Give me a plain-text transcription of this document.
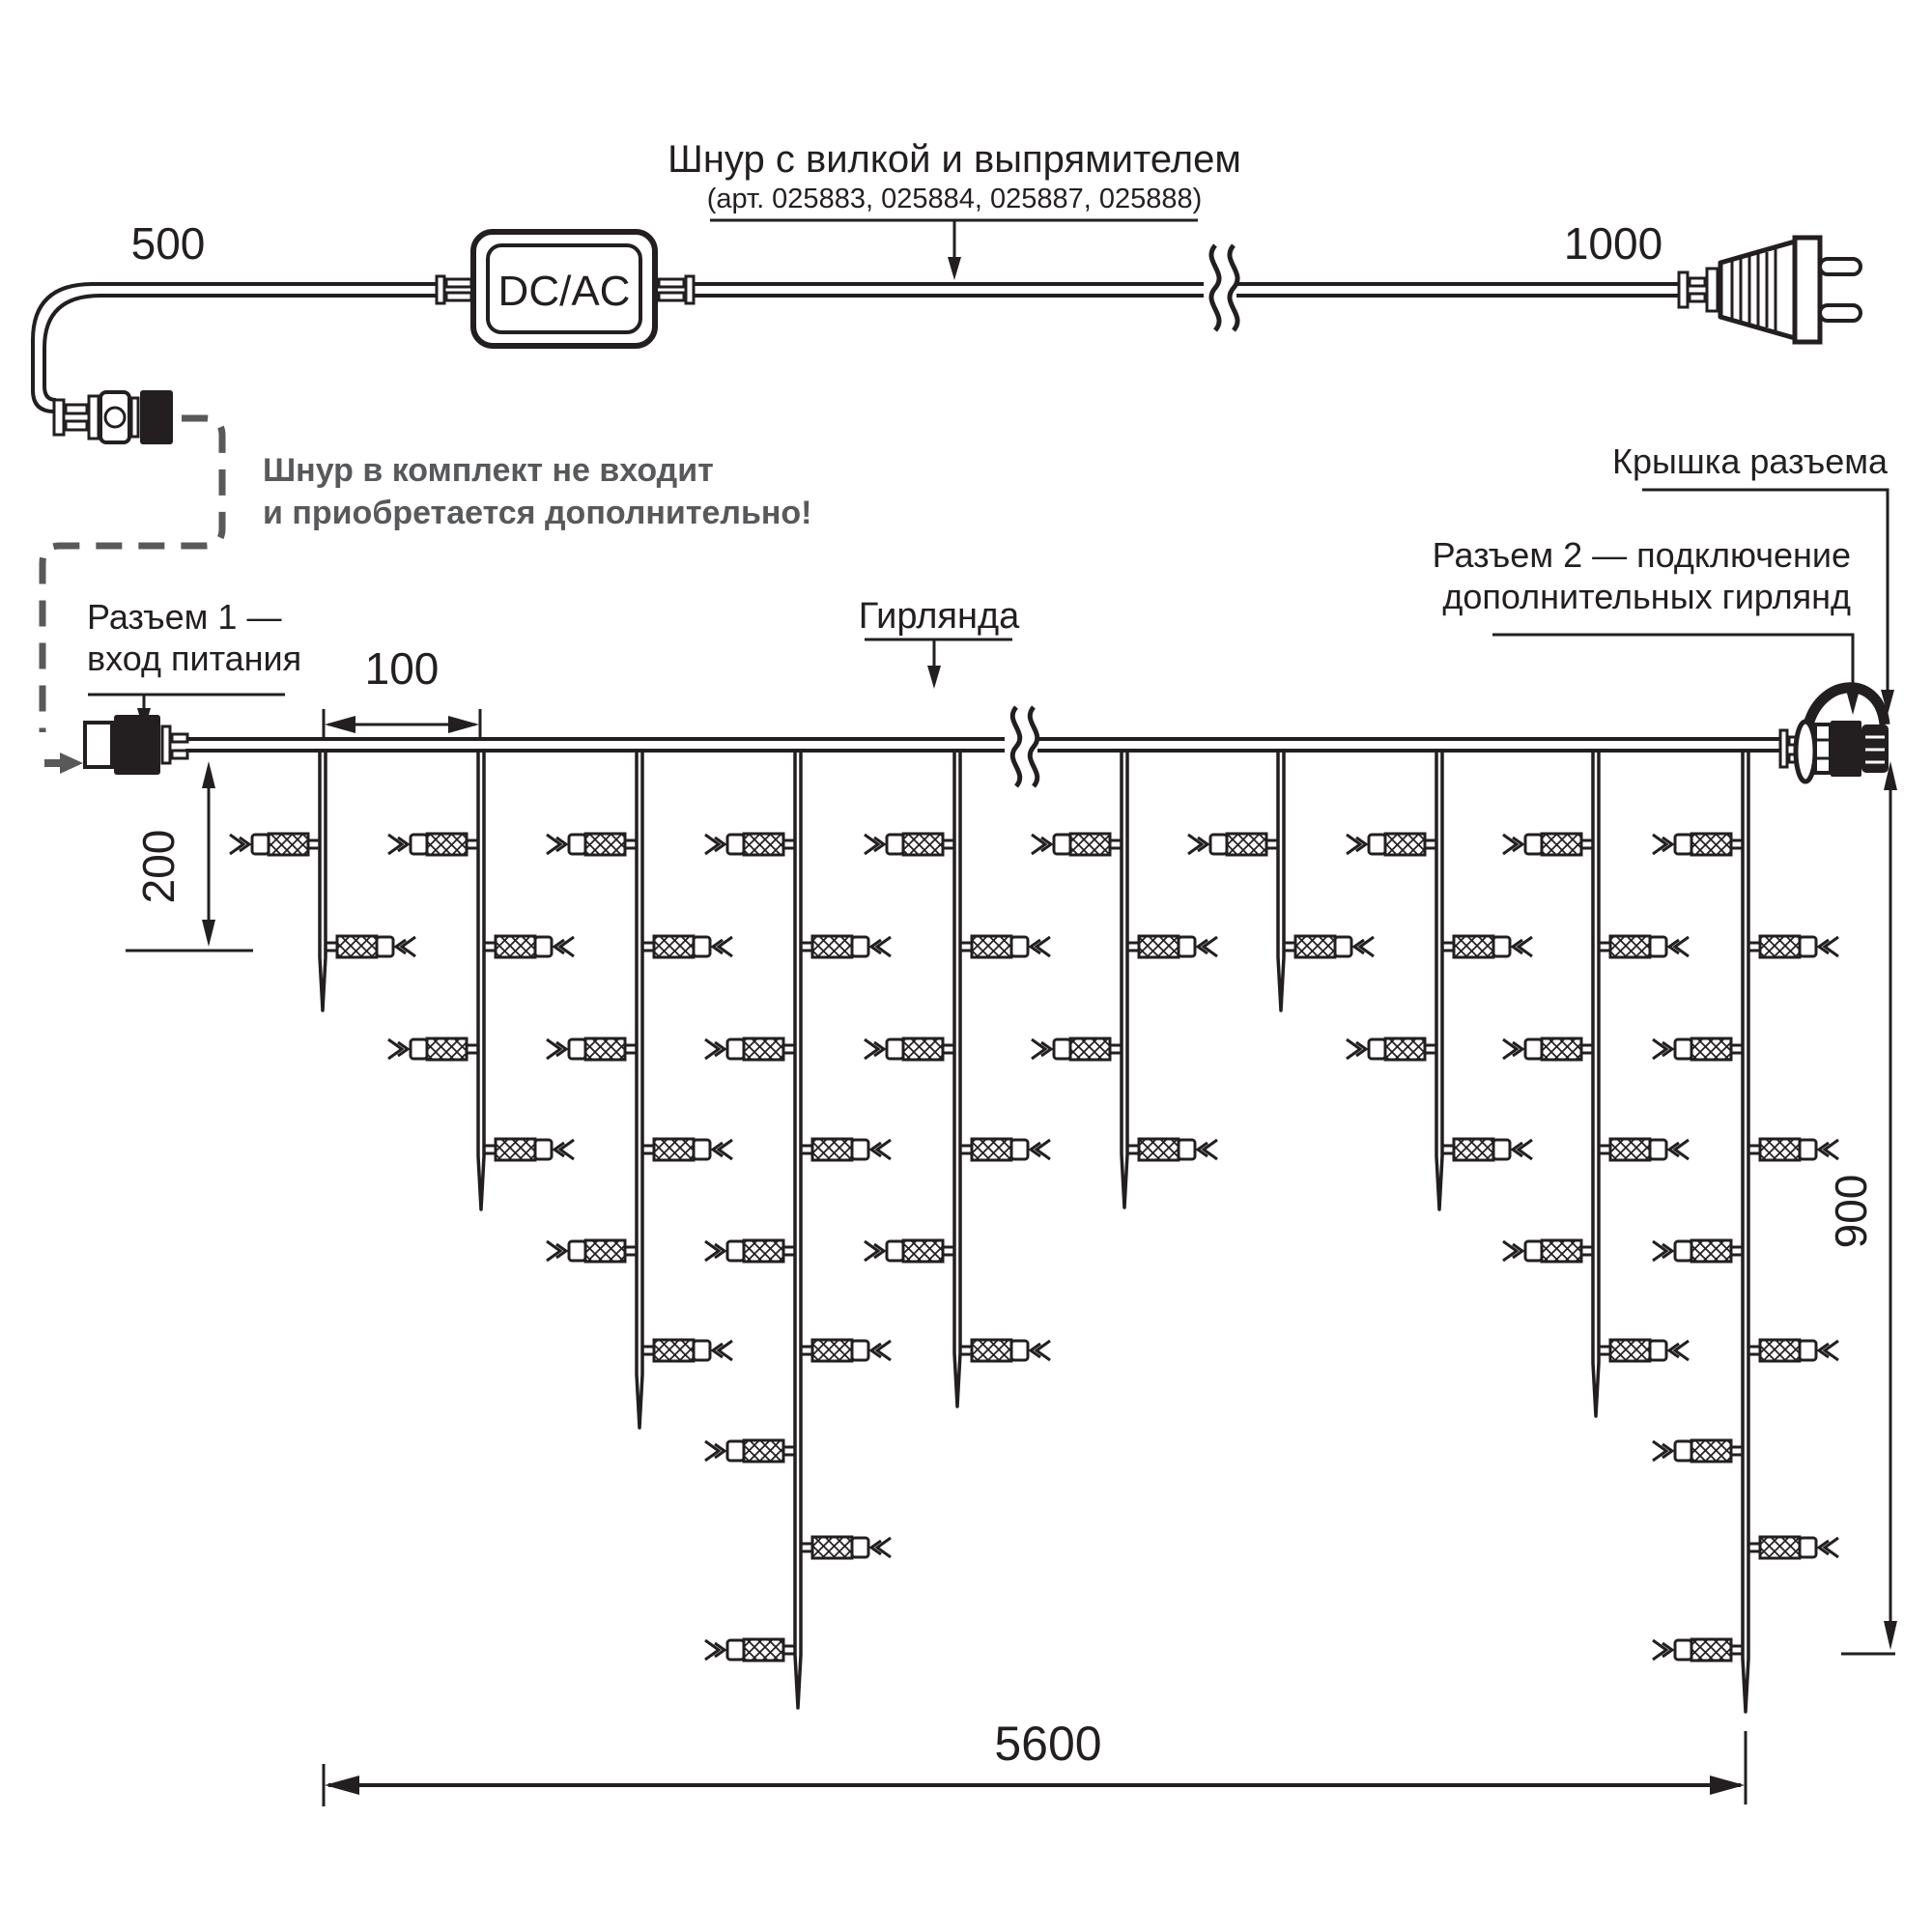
DC/AC
Шнур с вилкой и выпрямителем
(арт. 025883, 025884, 025887, 025888)
500	1000
Шнур в комплект не входит
и приобретается дополнительно!
Разъем 1 —
вход питания
Крышка разъема
Разъем 2 — подключение
дополнительных гирлянд
Гирлянда
100
200
900
5600
